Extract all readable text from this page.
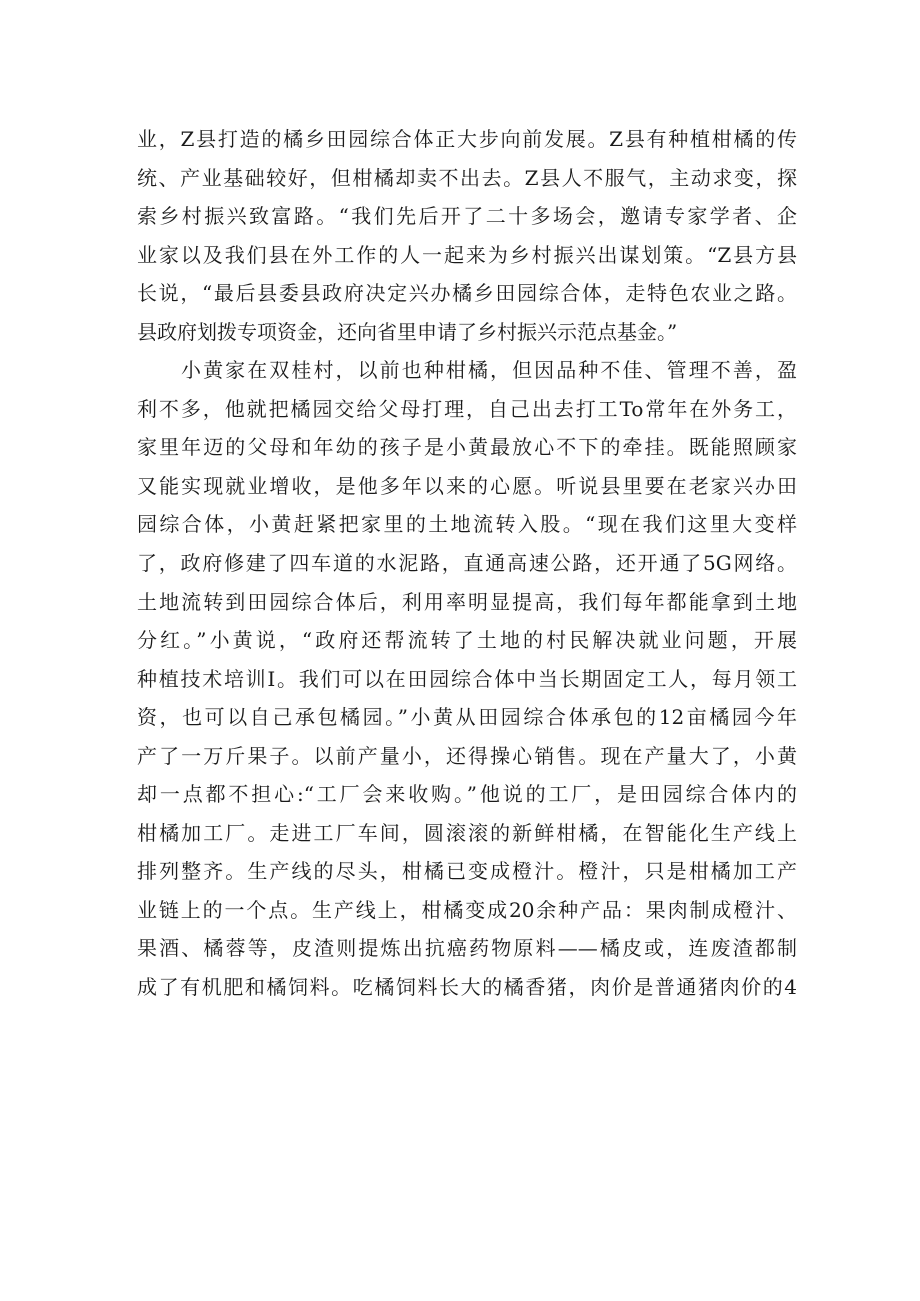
业，Z县打造的橘乡田园综合体正大步向前发展。Z县有种植柑橘的传
统、产业基础较好，但柑橘却卖不出去。Z县人不服气，主动求变，探
索乡村振兴致富路。“我们先后开了二十多场会，邀请专家学者、企
业家以及我们县在外工作的人一起来为乡村振兴出谋划策。“Z县方县
长说，“最后县委县政府决定兴办橘乡田园综合体，走特色农业之路。
县政府划拨专项资金，还向省里申请了乡村振兴示范点基金。”
小黄家在双桂村，以前也种柑橘，但因品种不佳、管理不善，盈
利不多，他就把橘园交给父母打理，自己出去打工To常年在外务工，
家里年迈的父母和年幼的孩子是小黄最放心不下的牵挂。既能照顾家
又能实现就业增收，是他多年以来的心愿。听说县里要在老家兴办田
园综合体，小黄赶紧把家里的土地流转入股。“现在我们这里大变样
了，政府修建了四车道的水泥路，直通高速公路，还开通了5G网络。
土地流转到田园综合体后，利用率明显提高，我们每年都能拿到土地
分红。”小黄说，“政府还帮流转了土地的村民解决就业问题，开展
种植技术培训I。我们可以在田园综合体中当长期固定工人，每月领工
资，也可以自己承包橘园。”小黄从田园综合体承包的12亩橘园今年
产了一万斤果子。以前产量小，还得操心销售。现在产量大了，小黄
却一点都不担心:“工厂会来收购。”他说的工厂，是田园综合体内的
柑橘加工厂。走进工厂车间，圆滚滚的新鲜柑橘，在智能化生产线上
排列整齐。生产线的尽头，柑橘已变成橙汁。橙汁，只是柑橘加工产
业链上的一个点。生产线上，柑橘变成20余种产品：果肉制成橙汁、
果酒、橘蓉等，皮渣则提炼出抗癌药物原料——橘皮或，连废渣都制
成了有机肥和橘饲料。吃橘饲料长大的橘香猪，肉价是普通猪肉价的4
